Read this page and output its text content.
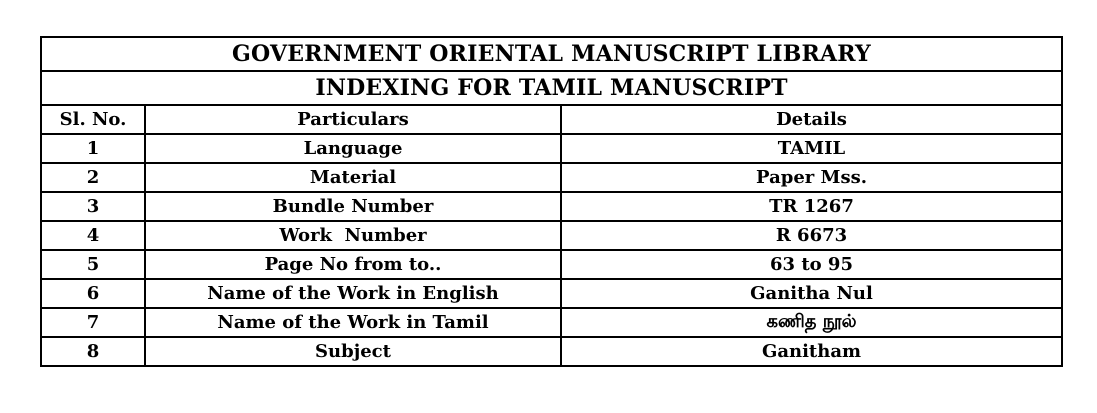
GOVERNMENT ORIENTAL MANUSCRIPT LIBRARY		
INDEXING FOR TAMIL MANUSCRIPT		
Sl. No.	Particulars	Details
1	Language	TAMIL
2	Material	Paper Mss.
3	Bundle Number	TR 1267
4	Work  Number	R 6673
5	Page No from to..	63 to 95
6	Name of the Work in English	Ganitha Nul
7	Name of the Work in Tamil	கணித நூல்
8	Subject	Ganitham
